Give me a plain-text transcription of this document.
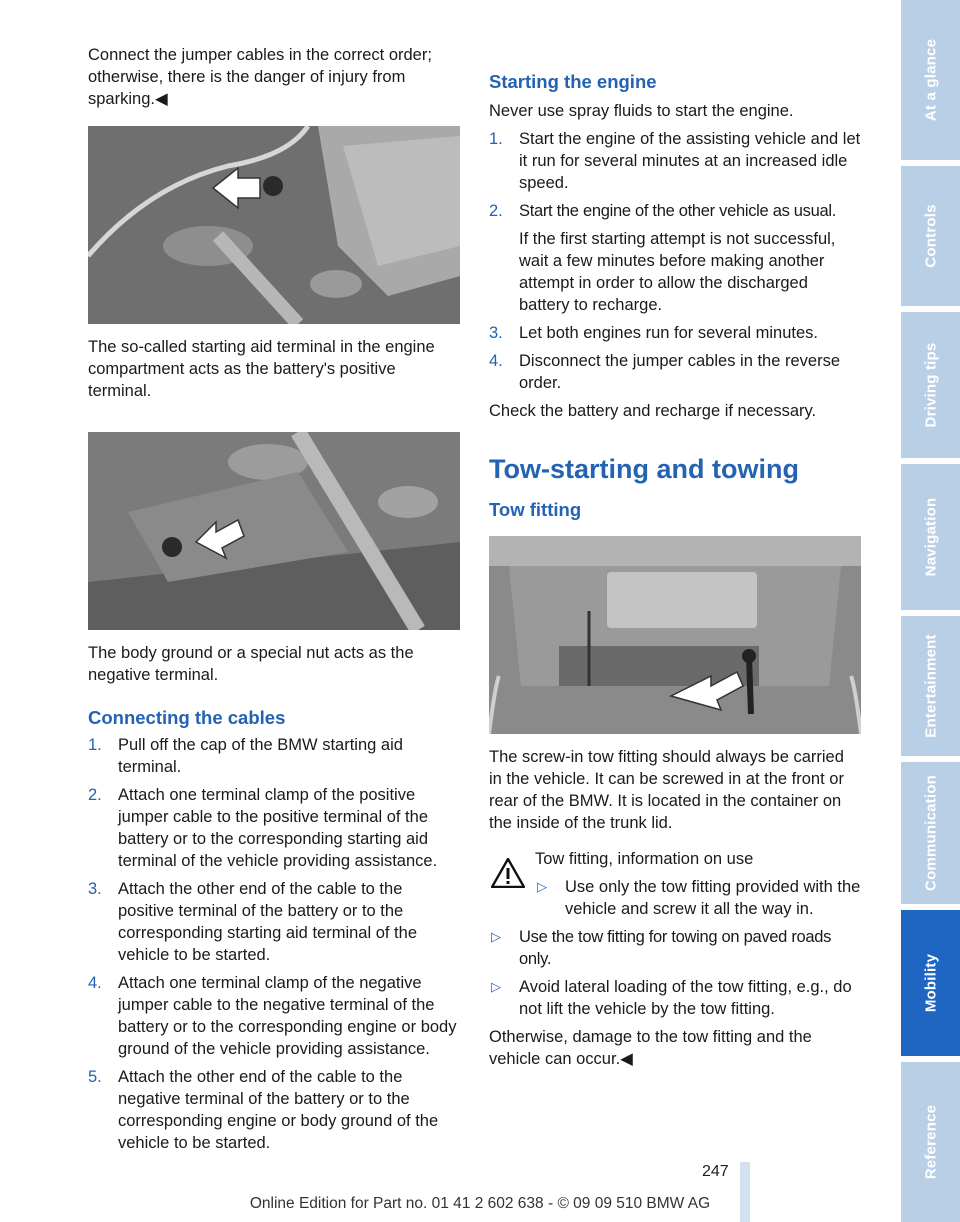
Connect the jumper cables in the correct order; otherwise, there is the danger of injury from sparking.◀

The so-called starting aid terminal in the engine compartment acts as the battery's positive terminal.

The body ground or a special nut acts as the negative terminal.

Connecting the cables
1. Pull off the cap of the BMW starting aid terminal.
2. Attach one terminal clamp of the positive jumper cable to the positive terminal of the battery or to the corresponding starting aid terminal of the vehicle providing assistance.
3. Attach the other end of the cable to the positive terminal of the battery or to the corresponding starting aid terminal of the vehicle to be started.
4. Attach one terminal clamp of the negative jumper cable to the negative terminal of the battery or to the corresponding engine or body ground of the vehicle providing assistance.
5. Attach the other end of the cable to the negative terminal of the battery or to the corresponding engine or body ground of the vehicle to be started.
Starting the engine

Never use spray fluids to start the engine.

1. Start the engine of the assisting vehicle and let it run for several minutes at an increased idle speed.
2. Start the engine of the other vehicle as usual.

If the first starting attempt is not successful, wait a few minutes before making another attempt in order to allow the discharged battery to recharge.

3. Let both engines run for several minutes.
4. Disconnect the jumper cables in the reverse order.

Check the battery and recharge if necessary.

Tow-starting and towing
Tow fitting

The screw-in tow fitting should always be carried in the vehicle. It can be screwed in at the front or rear of the BMW. It is located in the container on the inside of the trunk lid.

Tow fitting, information on use

▷ Use only the tow fitting provided with the vehicle and screw it all the way in.
▷ Use the tow fitting for towing on paved roads only.
▷ Avoid lateral loading of the tow fitting, e.g., do not lift the vehicle by the tow fitting.

Otherwise, damage to the tow fitting and the vehicle can occur.◀

At a glance
Controls
Driving tips
Navigation
Entertainment
Communication
Mobility
Reference
247
Online Edition for Part no. 01 41 2 602 638 - © 09 09 510 BMW AG
